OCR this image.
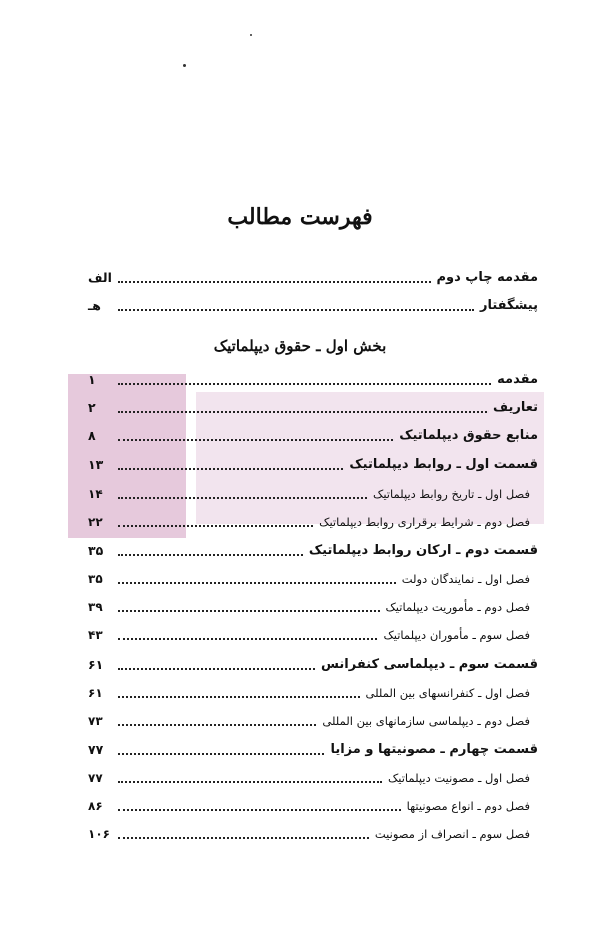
فهرست مطالب
مقدمه چاپ دوم
الف
پیشگفتار
هـ
بخش اول ـ حقوق دیپلماتیک
مقدمه
۱
تعاریف
۲
منابع حقوق دیپلماتیک
۸
قسمت اول ـ روابط دیپلماتیک
۱۳
فصل اول ـ تاریخ روابط دیپلماتیک
۱۴
فصل دوم ـ شرایط برقراری روابط دیپلماتیک
۲۲
قسمت دوم ـ ارکان روابط دیپلماتیک
۳۵
فصل اول ـ نمایندگان دولت
۳۵
فصل دوم ـ مأموریت دیپلماتیک
۳۹
فصل سوم ـ مأموران دیپلماتیک
۴۳
قسمت سوم ـ دیپلماسی کنفرانس
۶۱
فصل اول ـ کنفرانسهای بین المللی
۶۱
فصل دوم ـ دیپلماسی سازمانهای بین المللی
۷۳
قسمت چهارم ـ مصونیتها و مزایا
۷۷
فصل اول ـ مصونیت دیپلماتیک
۷۷
فصل دوم ـ انواع مصونیتها
۸۶
فصل سوم ـ انصراف از مصونیت
۱۰۶
